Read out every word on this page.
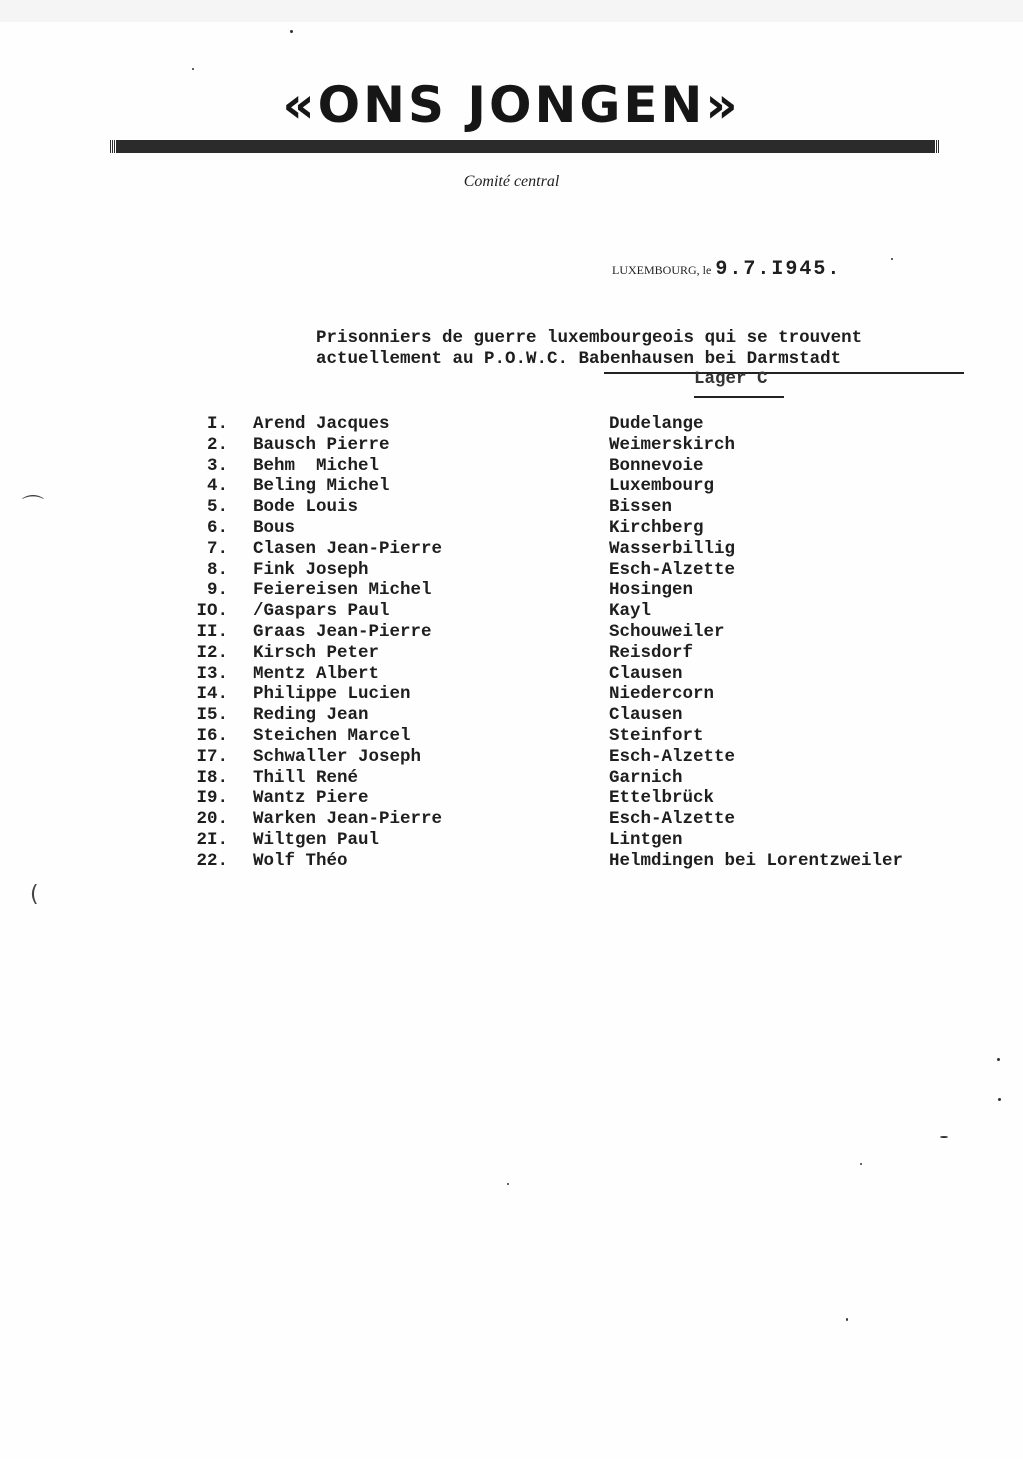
«ONS JONGEN»
Comité central
LUXEMBOURG, le 9.7.I945.
Prisonniers de guerre luxembourgeois qui se trouvent
actuellement au P.O.W.C. Babenhausen bei Darmstadt
Lager C
I. Arend Jacques	Dudelange
2. Bausch Pierre	Weimerskirch
3. Behm  Michel	Bonnevoie
4. Beling Michel	Luxembourg
5. Bode Louis	Bissen
6. Bous	Kirchberg
7. Clasen Jean-Pierre	Wasserbillig
8. Fink Joseph	Esch-Alzette
9. Feiereisen Michel	Hosingen
IO. /Gaspars Paul	Kayl
II. Graas Jean-Pierre	Schouweiler
I2. Kirsch Peter	Reisdorf
I3. Mentz Albert	Clausen
I4. Philippe Lucien	Niedercorn
I5. Reding Jean	Clausen
I6. Steichen Marcel	Steinfort
I7. Schwaller Joseph	Esch-Alzette
I8. Thill René	Garnich
I9. Wantz Piere	Ettelbrück
20. Warken Jean-Pierre	Esch-Alzette
2I. Wiltgen Paul	Lintgen
22. Wolf Théo	Helmdingen bei Lorentzweiler
⌒
(
